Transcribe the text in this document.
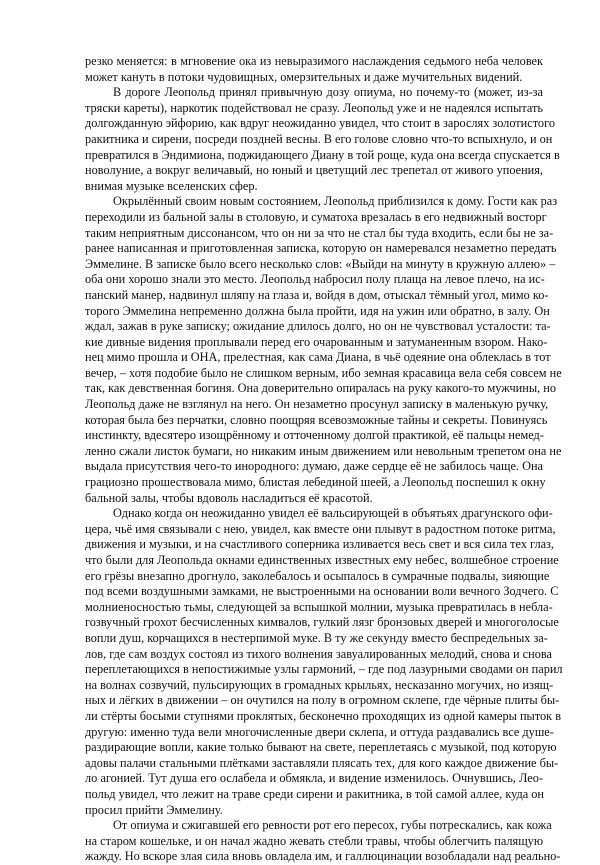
резко меняется: в мгновение ока из невыразимого наслаждения седьмого неба человек
может кануть в потоки чудовищных, омерзительных и даже мучительных видений.
В дороге Леопольд принял привычную дозу опиума, но почему-то (может, из-за
тряски кареты), наркотик подействовал не сразу. Леопольд уже и не надеялся испытать
долгожданную эйфорию, как вдруг неожиданно увидел, что стоит в зарослях золотистого
ракитника и сирени, посреди поздней весны. В его голове словно что-то вспыхнуло, и он
превратился в Эндимиона, поджидающего Диану в той роще, куда она всегда спускается в
новолуние, а вокруг величавый, но юный и цветущий лес трепетал от живого упоения,
внимая музыке вселенских сфер.
Окрылённый своим новым состоянием, Леопольд приблизился к дому. Гости как раз
переходили из бальной залы в столовую, и суматоха врезалась в его недвижный восторг
таким неприятным диссонансом, что он ни за что не стал бы туда входить, если бы не за-
ранее написанная и приготовленная записка, которую он намеревался незаметно передать
Эммелине. В записке было всего несколько слов: «Выйди на минуту в кружную аллею» –
оба они хорошо знали это место. Леопольд набросил полу плаща на левое плечо, на ис-
панский манер, надвинул шляпу на глаза и, войдя в дом, отыскал тёмный угол, мимо ко-
торого Эммелина непременно должна была пройти, идя на ужин или обратно, в залу. Он
ждал, зажав в руке записку; ожидание длилось долго, но он не чувствовал усталости: та-
кие дивные видения проплывали перед его очарованным и затуманенным взором. Нако-
нец мимо прошла и ОНА, прелестная, как сама Диана, в чьё одеяние она облеклась в тот
вечер, – хотя подобие было не слишком верным, ибо земная красавица вела себя совсем не
так, как девственная богиня. Она доверительно опиралась на руку какого-то мужчины, но
Леопольд даже не взглянул на него. Он незаметно просунул записку в маленькую ручку,
которая была без перчатки, словно поощряя всевозможные тайны и секреты. Повинуясь
инстинкту, вдесятеро изощрённому и отточенному долгой практикой, её пальцы немед-
ленно сжали листок бумаги, но никаким иным движением или невольным трепетом она не
выдала присутствия чего-то инородного: думаю, даже сердце её не забилось чаще. Она
грациозно прошествовала мимо, блистая лебединой шеей, а Леопольд поспешил к окну
бальной залы, чтобы вдоволь насладиться её красотой.
Однако когда он неожиданно увидел её вальсирующей в объятьях драгунского офи-
цера, чьё имя связывали с нею, увидел, как вместе они плывут в радостном потоке ритма,
движения и музыки, и на счастливого соперника изливается весь свет и вся сила тех глаз,
что были для Леопольда окнами единственных известных ему небес, волшебное строение
его грёзы внезапно дрогнуло, заколебалось и осыпалось в сумрачные подвалы, зияющие
под всеми воздушными замками, не выстроенными на основании воли вечного Зодчего. С
молниеносностью тьмы, следующей за вспышкой молнии, музыка превратилась в небла-
гозвучный грохот бесчисленных кимвалов, гулкий лязг бронзовых дверей и многоголосые
вопли душ, корчащихся в нестерпимой муке. В ту же секунду вместо беспредельных за-
лов, где сам воздух состоял из тихого волнения завуалированных мелодий, снова и снова
переплетающихся в непостижимые узлы гармоний, – где под лазурными сводами он парил
на волнах созвучий, пульсирующих в громадных крыльях, несказанно могучих, но изящ-
ных и лёгких в движении – он очутился на полу в огромном склепе, где чёрные плиты бы-
ли стёрты босыми ступнями проклятых, бесконечно проходящих из одной камеры пыток в
другую: именно туда вели многочисленные двери склепа, и оттуда раздавались все душе-
раздирающие вопли, какие только бывают на свете, переплетаясь с музыкой, под которую
адовы палачи стальными плётками заставляли плясать тех, для кого каждое движение бы-
ло агонией. Тут душа его ослабела и обмякла, и видение изменилось. Очнувшись, Лео-
польд увидел, что лежит на траве среди сирени и ракитника, в той самой аллее, куда он
просил прийти Эммелину.
От опиума и сжигавшей его ревности рот его пересох, губы потрескались, как кожа
на старом кошельке, и он начал жадно жевать стебли травы, чтобы облегчить палящую
жажду. Но вскоре злая сила вновь овладела им, и галлюцинации возобладали над реально-
